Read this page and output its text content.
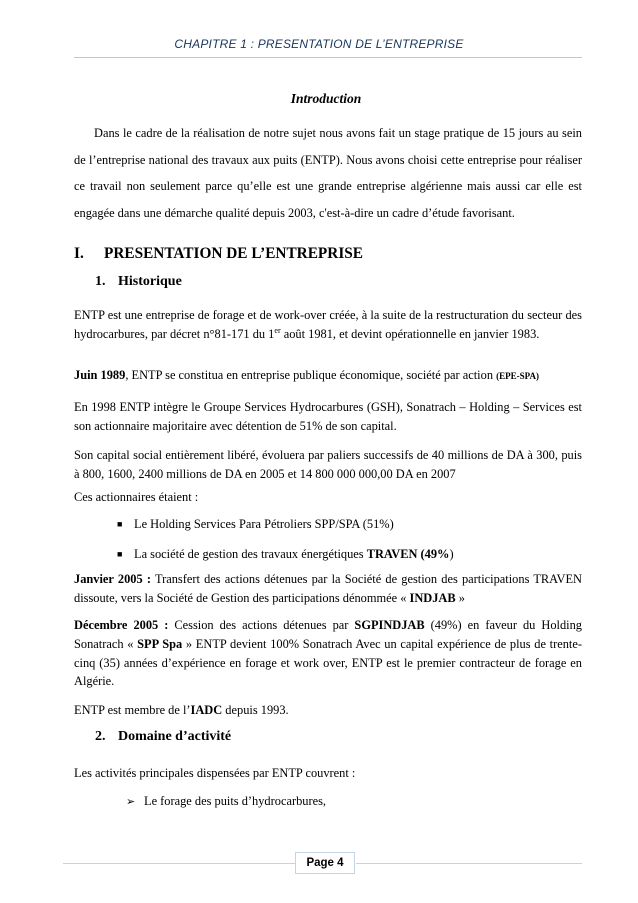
CHAPITRE 1 : PRESENTATION DE L’ENTREPRISE
Introduction

Dans le cadre de la réalisation de notre sujet nous avons fait un stage pratique de 15 jours au sein de l’entreprise national des travaux aux puits (ENTP). Nous avons choisi cette entreprise pour réaliser ce travail non seulement parce qu’elle est une grande entreprise algérienne mais aussi car elle est engagée dans une démarche qualité depuis 2003, c'est-à-dire un cadre d’étude favorisant.

I. PRESENTATION DE L’ENTREPRISE
1. Historique

ENTP est une entreprise de forage et de work-over créée, à la suite de la restructuration du secteur des hydrocarbures, par décret n°81-171 du 1er août 1981, et devint opérationnelle en janvier 1983.

Juin 1989, ENTP se constitua en entreprise publique économique, société par action (EPE-SPA)

En 1998 ENTP intègre le Groupe Services Hydrocarbures (GSH), Sonatrach – Holding – Services est son actionnaire majoritaire avec détention de 51% de son capital.

Son capital social entièrement libéré, évoluera par paliers successifs de 40 millions de DA à 300, puis à 800, 1600, 2400 millions de DA en 2005 et 14 800 000 000,00 DA en 2007

Ces actionnaires étaient :

■ Le Holding Services Para Pétroliers SPP/SPA (51%)
■ La société de gestion des travaux énergétiques TRAVEN (49%)

Janvier 2005 : Transfert des actions détenues par la Société de gestion des participations TRAVEN dissoute, vers la Société de Gestion des participations dénommée « INDJAB »

Décembre 2005 : Cession des actions détenues par SGPINDJAB (49%) en faveur du Holding Sonatrach « SPP Spa » ENTP devient 100% Sonatrach Avec un capital expérience de plus de trente-cinq (35) années d’expérience en forage et work over, ENTP est le premier contracteur de forage en Algérie.

ENTP est membre de l’IADC depuis 1993.

2. Domaine d’activité

Les activités principales dispensées par ENTP couvrent :

➢ Le forage des puits d’hydrocarbures,
Page 4
